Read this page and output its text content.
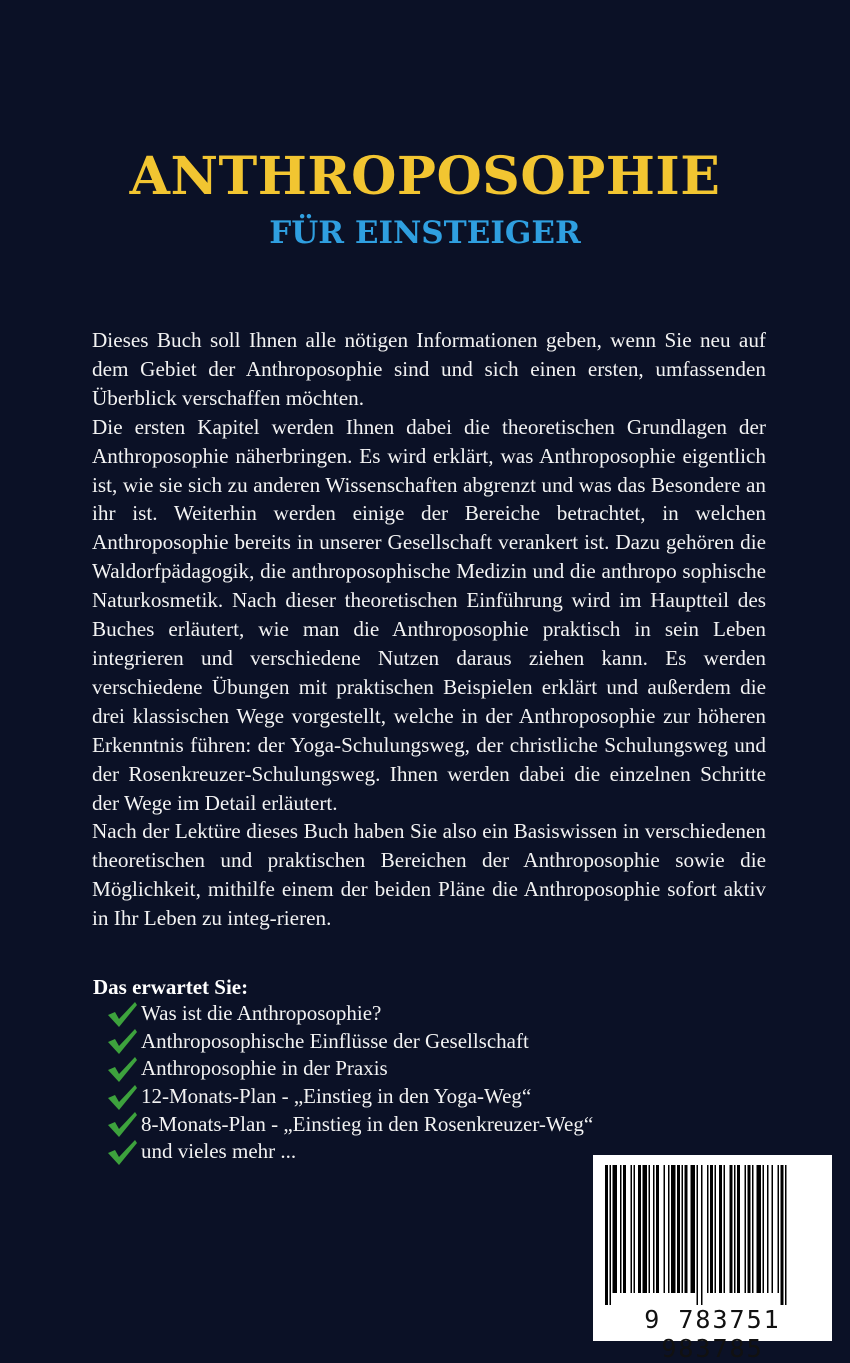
ANTHROPOSOPHIE
FÜR EINSTEIGER

Dieses Buch soll Ihnen alle nötigen Informationen geben, wenn Sie neu auf dem Gebiet der Anthroposophie sind und sich einen ersten, umfassenden Überblick verschaffen möchten.

Die ersten Kapitel werden Ihnen dabei die theoretischen Grundlagen der Anthroposophie näherbringen. Es wird erklärt, was Anthroposophie eigentlich ist, wie sie sich zu anderen Wissenschaften abgrenzt und was das Besondere an ihr ist. Weiterhin werden einige der Bereiche betrachtet, in welchen Anthroposophie bereits in unserer Gesellschaft verankert ist. Dazu gehören die Waldorfpädagogik, die anthroposophische Medizin und die anthropo sophische Naturkosmetik. Nach dieser theoretischen Einführung wird im Hauptteil des Buches erläutert, wie man die Anthroposophie praktisch in sein Leben integrieren und verschiedene Nutzen daraus ziehen kann. Es werden verschiedene Übungen mit praktischen Beispielen erklärt und außerdem die drei klassischen Wege vorgestellt, welche in der Anthroposophie zur höheren Erkenntnis führen: der Yoga-Schulungsweg, der christliche Schulungsweg und der Rosenkreuzer-Schulungsweg. Ihnen werden dabei die einzelnen Schritte der Wege im Detail erläutert.

Nach der Lektüre dieses Buch haben Sie also ein Basiswissen in verschiedenen theoretischen und praktischen Bereichen der Anthroposophie sowie die Möglichkeit, mithilfe einem der beiden Pläne die Anthroposophie sofort aktiv in Ihr Leben zu integ-rieren.

Das erwartet Sie:
Was ist die Anthroposophie?
Anthroposophische Einflüsse der Gesellschaft
Anthroposophie in der Praxis
12-Monats-Plan - „Einstieg in den Yoga-Weg“
8-Monats-Plan - „Einstieg in den Rosenkreuzer-Weg“
und vieles mehr ...
9 783751 983785
